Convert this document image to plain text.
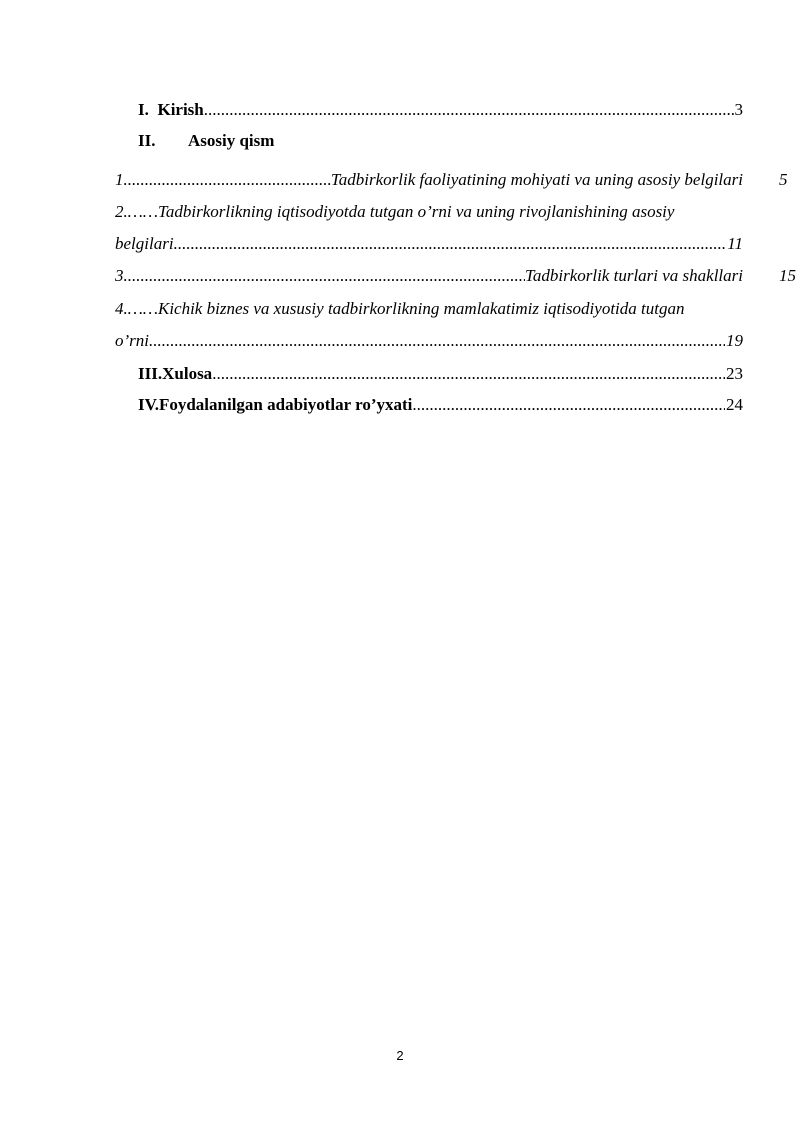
I. Kirish .....	3
II.	Asosiy qism
1 .....	Tadbirkorlik faoliyatining mohiyati va uning asosiy belgilari 5
2.……Tadbirkorlikning iqtisodiyotda tutgan o’rni va uning rivojlanishining asosiy
belgilari .....	11
3 .....	Tadbirkorlik turlari va shakllari 15
4.……Kichik biznes va xususiy tadbirkorlikning mamlakatimiz iqtisodiyotida tutgan
o’rni .....	19
III. Xulosa .....	23
IV. Foydalanilgan adabiyotlar ro’yxati .....	24
2
